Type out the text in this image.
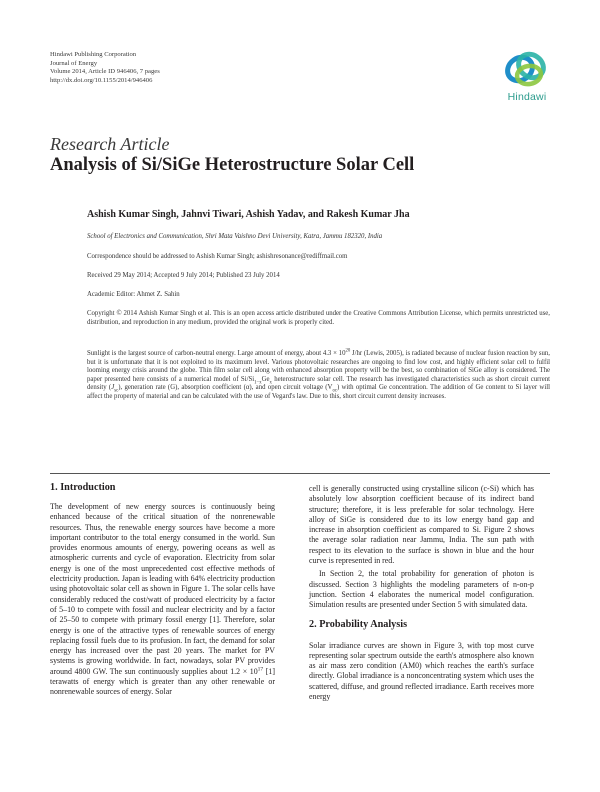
Hindawi Publishing Corporation
Journal of Energy
Volume 2014, Article ID 946406, 7 pages
http://dx.doi.org/10.1155/2014/946406
Hindawi
Research Article
Analysis of Si/SiGe Heterostructure Solar Cell
Ashish Kumar Singh, Jahnvi Tiwari, Ashish Yadav, and Rakesh Kumar Jha
School of Electronics and Communication, Shri Mata Vaishno Devi University, Katra, Jammu 182320, India
Correspondence should be addressed to Ashish Kumar Singh; ashishresonance@rediffmail.com
Received 29 May 2014; Accepted 9 July 2014; Published 23 July 2014
Academic Editor: Ahmet Z. Sahin
Copyright © 2014 Ashish Kumar Singh et al. This is an open access article distributed under the Creative Commons Attribution License, which permits unrestricted use, distribution, and reproduction in any medium, provided the original work is properly cited.
Sunlight is the largest source of carbon-neutral energy. Large amount of energy, about $4.3 \times 10^{20}$ J/hr (Lewis, 2005), is radiated because of nuclear fusion reaction by sun, but it is unfortunate that it is not exploited to its maximum level. Various photovoltaic researches are ongoing to find low cost, and highly efficient solar cell to fulfil looming energy crisis around the globe. Thin film solar cell along with enhanced absorption property will be the best, so combination of SiGe alloy is considered. The paper presented here consists of a numerical model of $Si/Si_{1-x}Ge_x$ heterostructure solar cell. The research has investigated characteristics such as short circuit current density $(J_{sc})$, generation rate (G), absorption coefficient (α), and open circuit voltage $(V_{oc})$ with optimal Ge concentration. The addition of Ge content to Si layer will affect the property of material and can be calculated with the use of Vegard's law. Due to this, short circuit current density increases.
1. Introduction

The development of new energy sources is continuously being enhanced because of the critical situation of the nonrenewable resources. Thus, the renewable energy sources have become a more important contributor to the total energy consumed in the world. Sun provides enormous amounts of energy, powering oceans as well as atmospheric currents and cycle of evaporation. Electricity from solar energy is one of the most unprecedented cost effective methods of electricity production. Japan is leading with 64% electricity production using photovoltaic solar cell as shown in Figure 1. The solar cells have considerably reduced the cost/watt of produced electricity by a factor of 5–10 to compete with fossil and nuclear electricity and by a factor of 25–50 to compete with primary fossil energy [1]. Therefore, solar energy is one of the attractive types of renewable sources of energy replacing fossil fuels due to its profusion. In fact, the demand for solar energy has increased over the past 20 years. The market for PV systems is growing worldwide. In fact, nowadays, solar PV provides around 4800 GW. The sun continuously supplies about $1.2 \times 10^{17}$ [1] terawatts of energy which is greater than any other renewable or nonrenewable sources of energy. Solar

cell is generally constructed using crystalline silicon (c-Si) which has absolutely low absorption coefficient because of its indirect band structure; therefore, it is less preferable for solar technology. Here alloy of SiGe is considered due to its low energy band gap and increase in absorption coefficient as compared to Si. Figure 2 shows the average solar radiation near Jammu, India. The sun path with respect to its elevation to the surface is shown in blue and the hour curve is represented in red.

In Section 2, the total probability for generation of photon is discussed. Section 3 highlights the modeling parameters of n-on-p junction. Section 4 elaborates the numerical model configuration. Simulation results are presented under Section 5 with simulated data.

2. Probability Analysis

Solar irradiance curves are shown in Figure 3, with top most curve representing solar spectrum outside the earth's atmosphere also known as air mass zero condition (AM0) which reaches the earth's surface directly. Global irradiance is a nonconcentrating system which uses the scattered, diffuse, and ground reflected irradiance. Earth receives more energy
